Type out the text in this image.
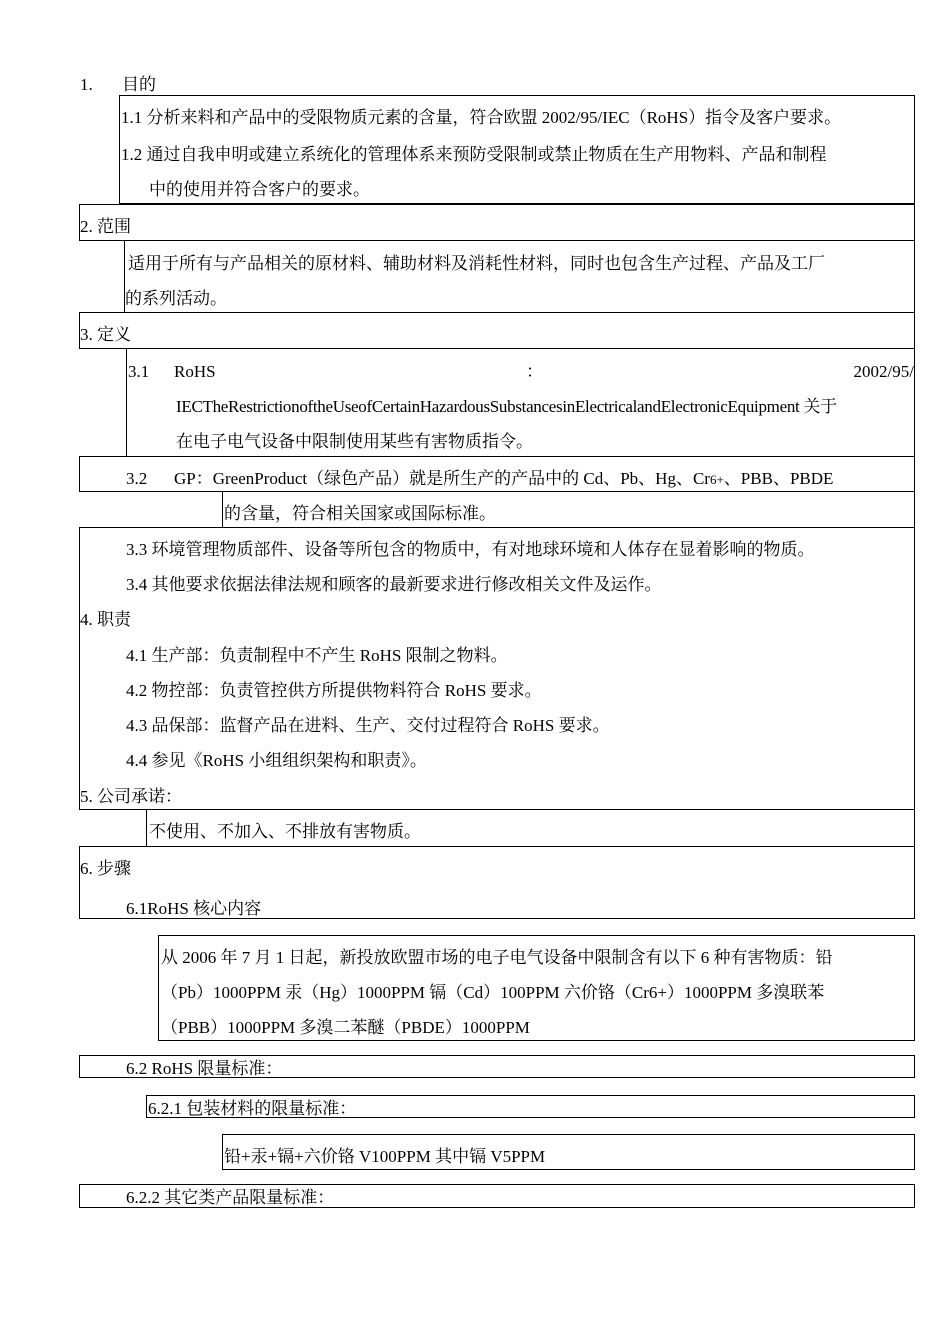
1. 目的
1.1 分析来料和产品中的受限物质元素的含量，符合欧盟 2002/95/IEC（RoHS）指令及客户要求。
1.2 通过自我申明或建立系统化的管理体系来预防受限制或禁止物质在生产用物料、产品和制程
中的使用并符合客户的要求。
2. 范围
适用于所有与产品相关的原材料、辅助材料及消耗性材料，同时也包含生产过程、产品及工厂
的系列活动。
3. 定义
3.1 RoHS	：	2002/95/
IECTheRestrictionoftheUseofCertainHazardousSubstancesinElectricalandElectronicEquipment 关于
在电子电气设备中限制使用某些有害物质指令。
3.2 GP：GreenProduct（绿色产品）就是所生产的产品中的 Cd、Pb、Hg、Cr6+、PBB、PBDE
的含量，符合相关国家或国际标准。
3.3 环境管理物质部件、设备等所包含的物质中，有对地球环境和人体存在显着影响的物质。
3.4 其他要求依据法律法规和顾客的最新要求进行修改相关文件及运作。
4. 职责
4.1 生产部：负责制程中不产生 RoHS 限制之物料。
4.2 物控部：负责管控供方所提供物料符合 RoHS 要求。
4.3 品保部：监督产品在进料、生产、交付过程符合 RoHS 要求。
4.4 参见《RoHS 小组组织架构和职责》。
5. 公司承诺：
不使用、不加入、不排放有害物质。
6. 步骤
6.1RoHS 核心内容
从 2006 年 7 月 1 日起，新投放欧盟市场的电子电气设备中限制含有以下 6 种有害物质：铅
（Pb）1000PPM 汞（Hg）1000PPM 镉（Cd）100PPM 六价铬（Cr6+）1000PPM 多溴联苯
（PBB）1000PPM 多溴二苯醚（PBDE）1000PPM
6.2 RoHS 限量标准：
6.2.1 包装材料的限量标准：
铅+汞+镉+六价铬 V100PPM 其中镉 V5PPM
6.2.2 其它类产品限量标准：
